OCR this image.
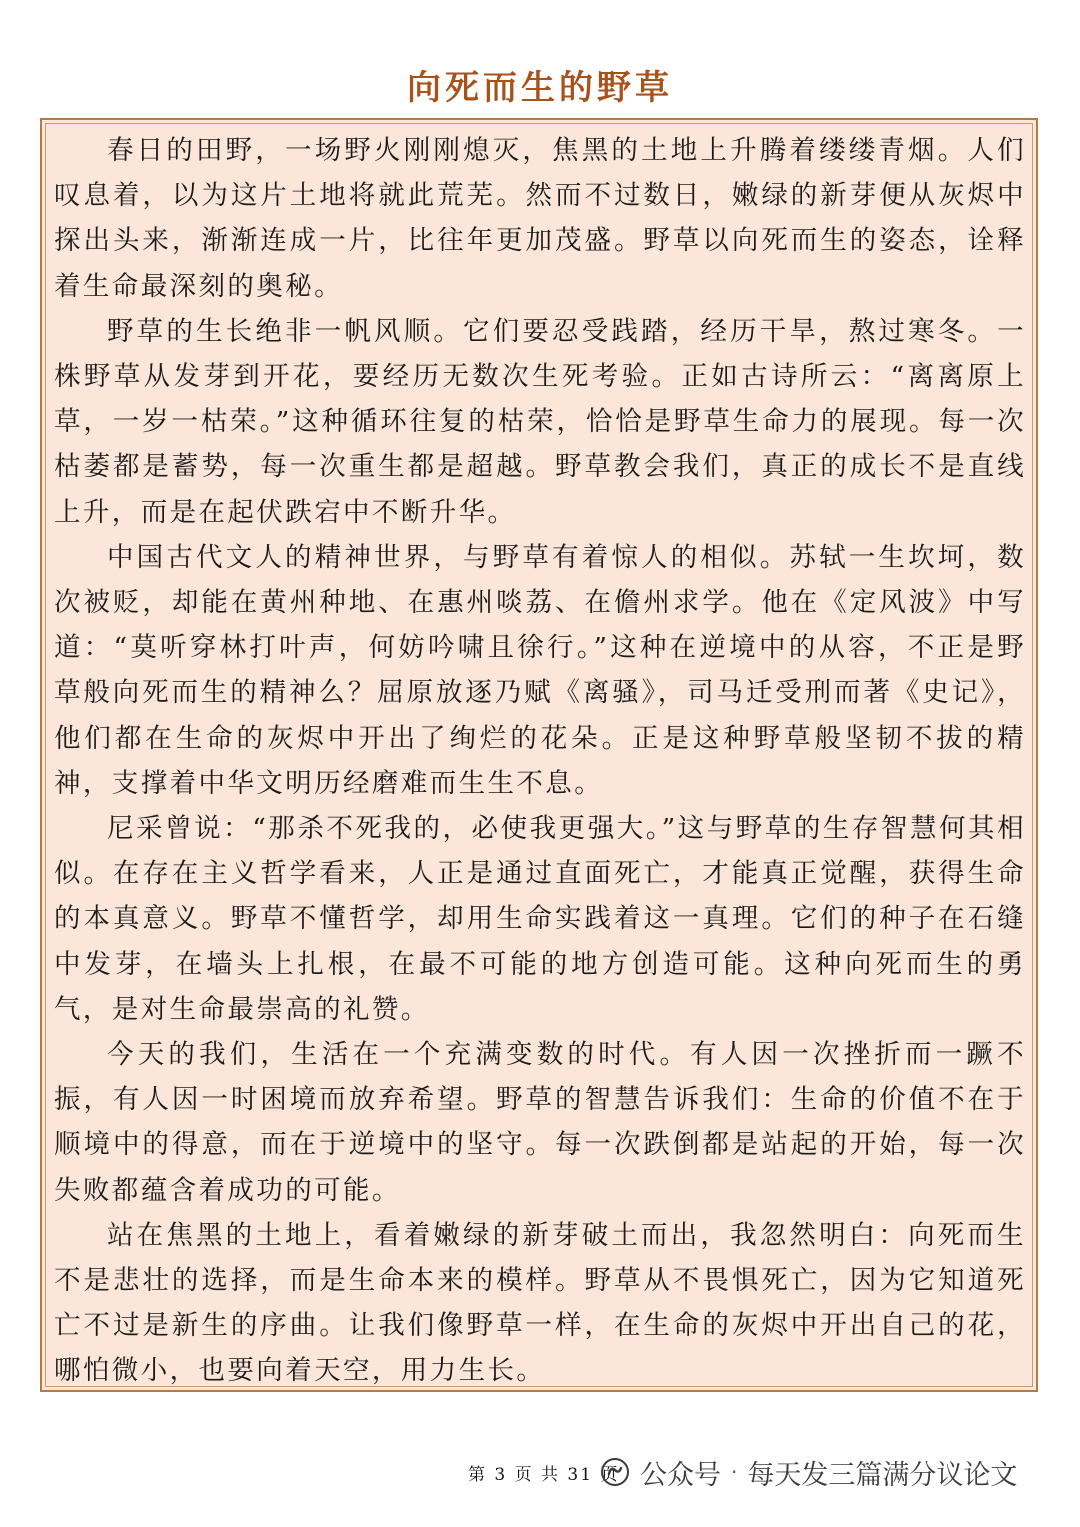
向死而生的野草

春日的田野，一场野火刚刚熄灭，焦黑的土地上升腾着缕缕青烟。人们叹息着，以为这片土地将就此荒芜。然而不过数日，嫩绿的新芽便从灰烬中探出头来，渐渐连成一片，比往年更加茂盛。野草以向死而生的姿态，诠释着生命最深刻的奥秘。

野草的生长绝非一帆风顺。它们要忍受践踏，经历干旱，熬过寒冬。一株野草从发芽到开花，要经历无数次生死考验。正如古诗所云：“离离原上草，一岁一枯荣。”这种循环往复的枯荣，恰恰是野草生命力的展现。每一次枯萎都是蓄势，每一次重生都是超越。野草教会我们，真正的成长不是直线上升，而是在起伏跌宕中不断升华。

中国古代文人的精神世界，与野草有着惊人的相似。苏轼一生坎坷，数次被贬，却能在黄州种地、在惠州啖荔、在儋州求学。他在《定风波》中写道：“莫听穿林打叶声，何妨吟啸且徐行。”这种在逆境中的从容，不正是野草般向死而生的精神么？屈原放逐乃赋《离骚》，司马迁受刑而著《史记》，他们都在生命的灰烬中开出了绚烂的花朵。正是这种野草般坚韧不拔的精神，支撑着中华文明历经磨难而生生不息。

尼采曾说：“那杀不死我的，必使我更强大。”这与野草的生存智慧何其相似。在存在主义哲学看来，人正是通过直面死亡，才能真正觉醒，获得生命的本真意义。野草不懂哲学，却用生命实践着这一真理。它们的种子在石缝中发芽，在墙头上扎根，在最不可能的地方创造可能。这种向死而生的勇气，是对生命最崇高的礼赞。

今天的我们，生活在一个充满变数的时代。有人因一次挫折而一蹶不振，有人因一时困境而放弃希望。野草的智慧告诉我们：生命的价值不在于顺境中的得意，而在于逆境中的坚守。每一次跌倒都是站起的开始，每一次失败都蕴含着成功的可能。

站在焦黑的土地上，看着嫩绿的新芽破土而出，我忽然明白：向死而生不是悲壮的选择，而是生命本来的模样。野草从不畏惧死亡，因为它知道死亡不过是新生的序曲。让我们像野草一样，在生命的灰烬中开出自己的花，哪怕微小，也要向着天空，用力生长。

第 3 页 共 31 页 公众号 · 每天发三篇满分议论文
